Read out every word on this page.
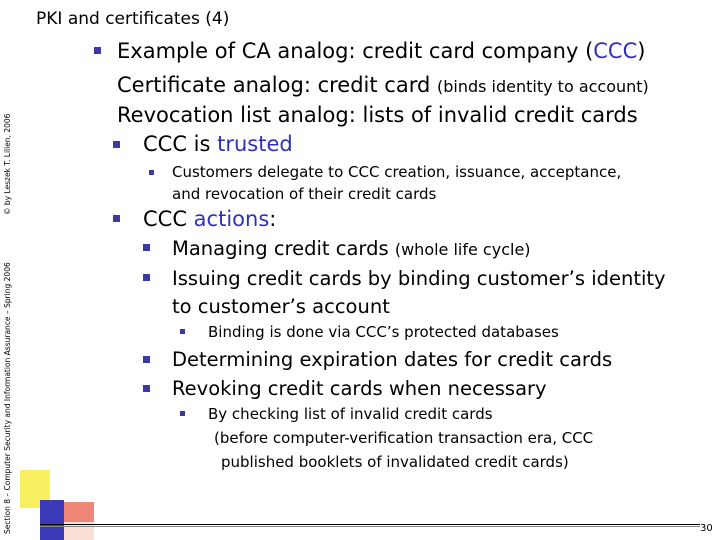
PKI and certificates (4)
© by Leszek T. Lilien, 2006
Section 8 – Computer Security and Information Assurance – Spring 2006
Example of CA analog: credit card company (CCC)
Certificate analog: credit card (binds identity to account)
Revocation list analog: lists of invalid credit cards
CCC is trusted
Customers delegate to CCC creation, issuance, acceptance,
and revocation of their credit cards
CCC actions:
Managing credit cards (whole life cycle)
Issuing credit cards by binding customer’s identity
to customer’s account
Binding is done via CCC’s protected databases
Determining expiration dates for credit cards
Revoking credit cards when necessary
By checking list of invalid credit cards
(before computer-verification transaction era, CCC
published booklets of invalidated credit cards)
30
